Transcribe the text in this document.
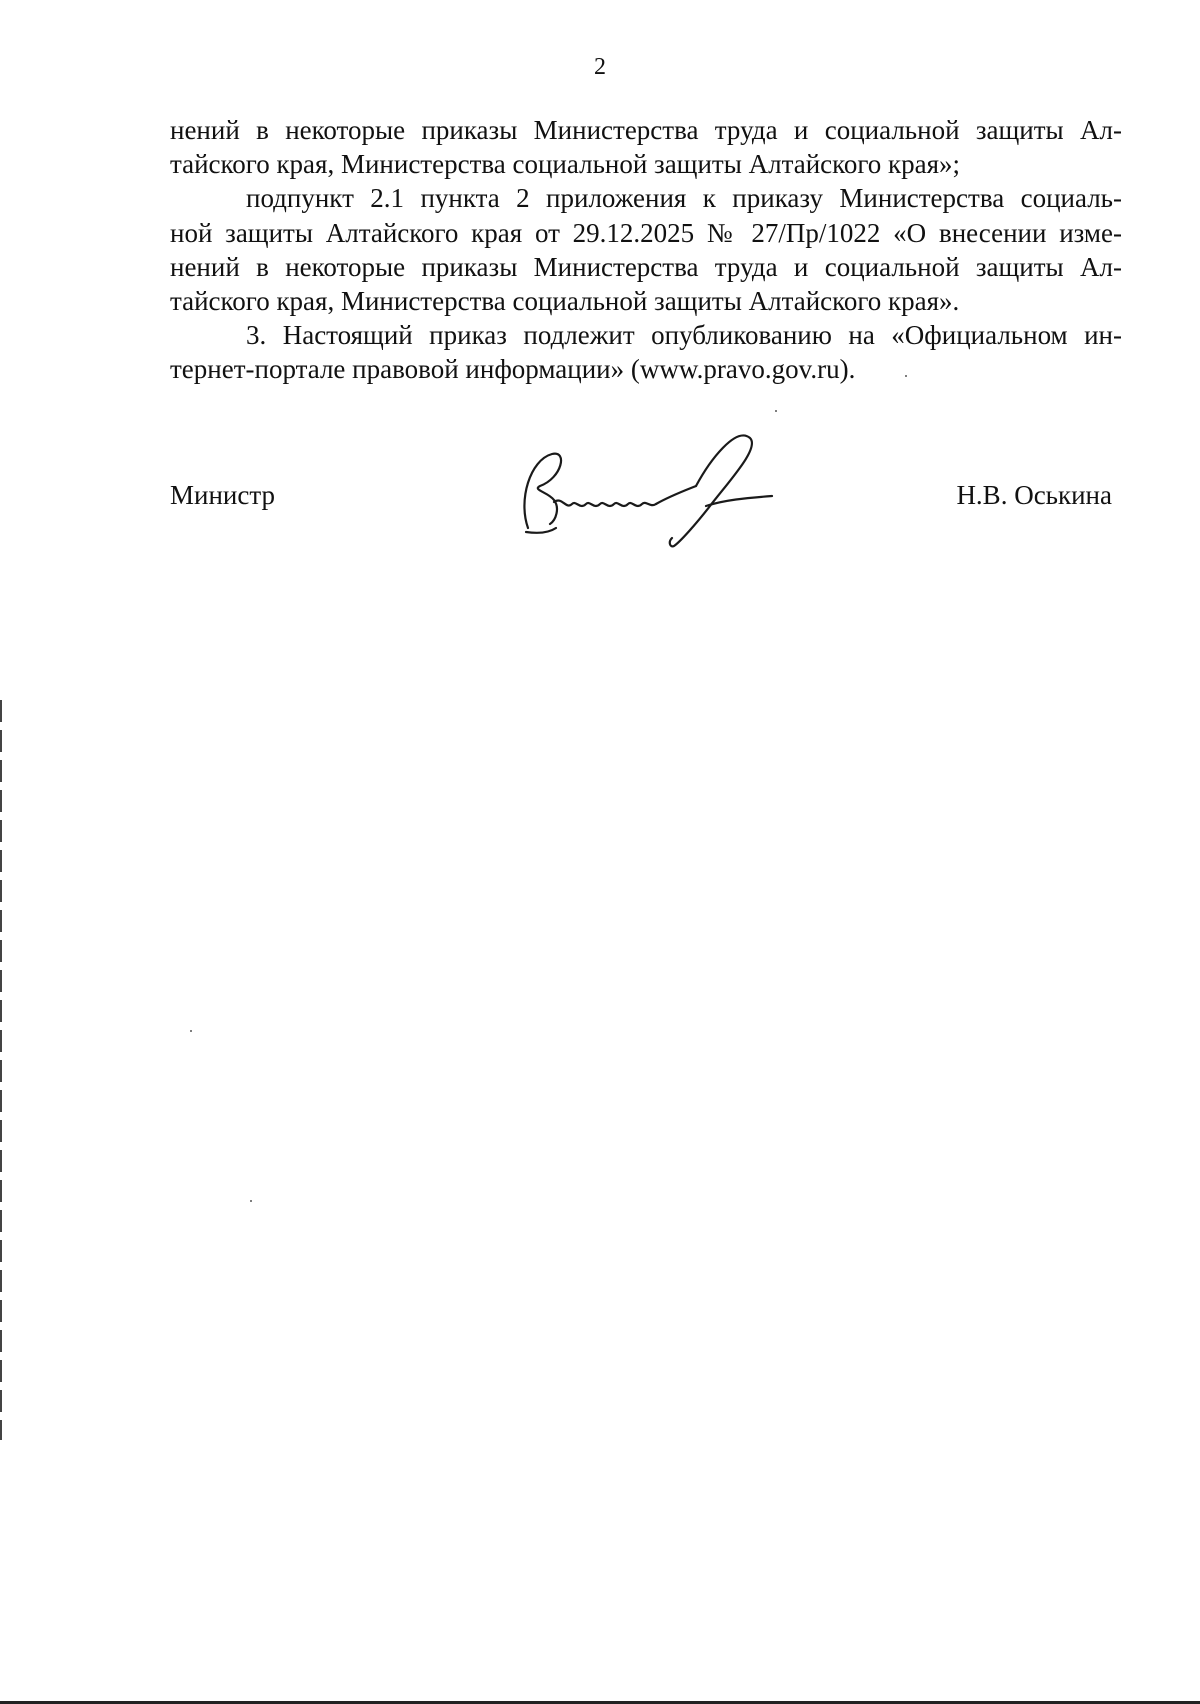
2
нений в некоторые приказы Министерства труда и социальной защиты Ал-
тайского края, Министерства социальной защиты Алтайского края»;
подпункт 2.1 пункта 2 приложения к приказу Министерства социаль-
ной защиты Алтайского края от 29.12.2025 № 27/Пр/1022 «О внесении изме-
нений в некоторые приказы Министерства труда и социальной защиты Ал-
тайского края, Министерства социальной защиты Алтайского края».
3. Настоящий приказ подлежит опубликованию на «Официальном ин-
тернет-портале правовой информации» (www.pravo.gov.ru).
Министр	Н.В. Оськина
